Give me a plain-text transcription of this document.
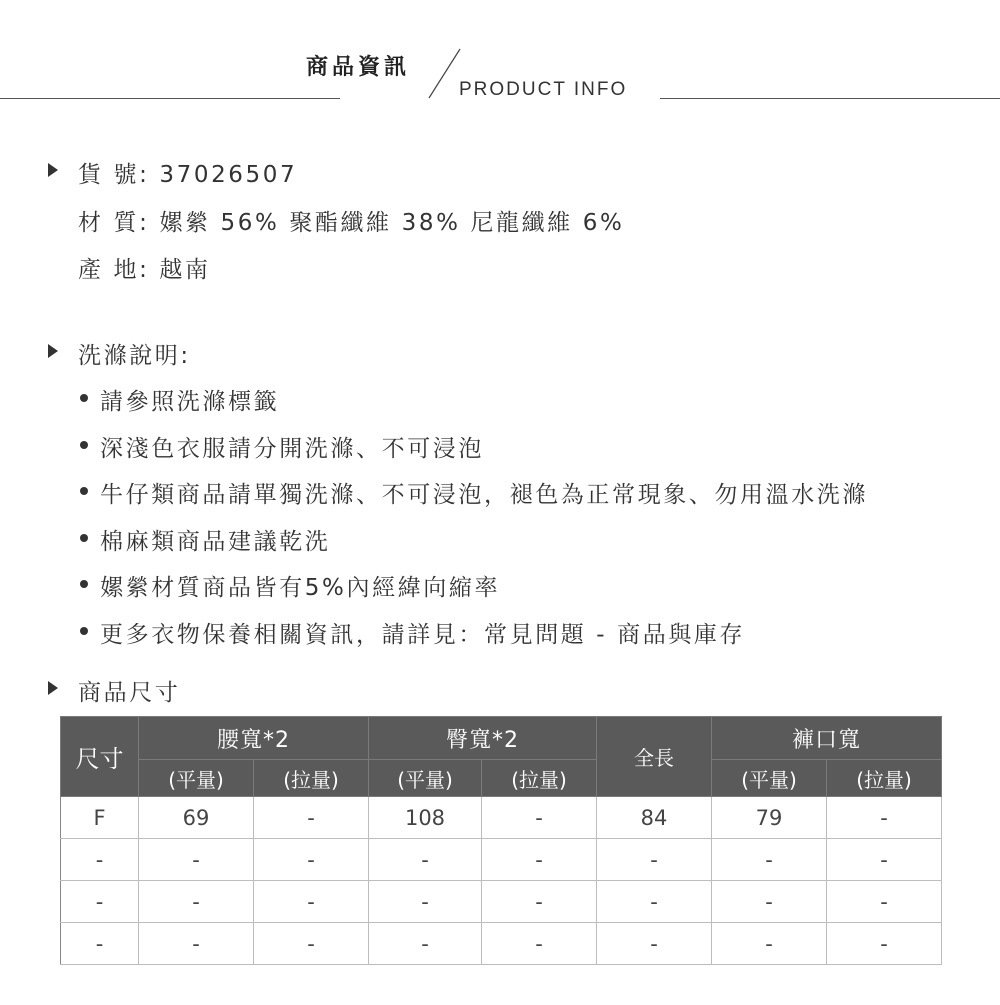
商品資訊
PRODUCT INFO
貨 號: 37026507
材 質: 嫘縈 56% 聚酯纖維 38% 尼龍纖維 6%
產 地: 越南
洗滌說明:
請參照洗滌標籤
深淺色衣服請分開洗滌、不可浸泡
牛仔類商品請單獨洗滌、不可浸泡，褪色為正常現象、勿用溫水洗滌
棉麻類商品建議乾洗
嫘縈材質商品皆有5%內經緯向縮率
更多衣物保養相關資訊，請詳見：常見問題 - 商品與庫存
商品尺寸
尺寸	腰寬*2		臀寬*2		全長	褲口寬	
	(平量)	(拉量)	(平量)	(拉量)		(平量)	(拉量)
F	69	-	108	-	84	79	-
-	-	-	-	-	-	-	-
-	-	-	-	-	-	-	-
-	-	-	-	-	-	-	-
